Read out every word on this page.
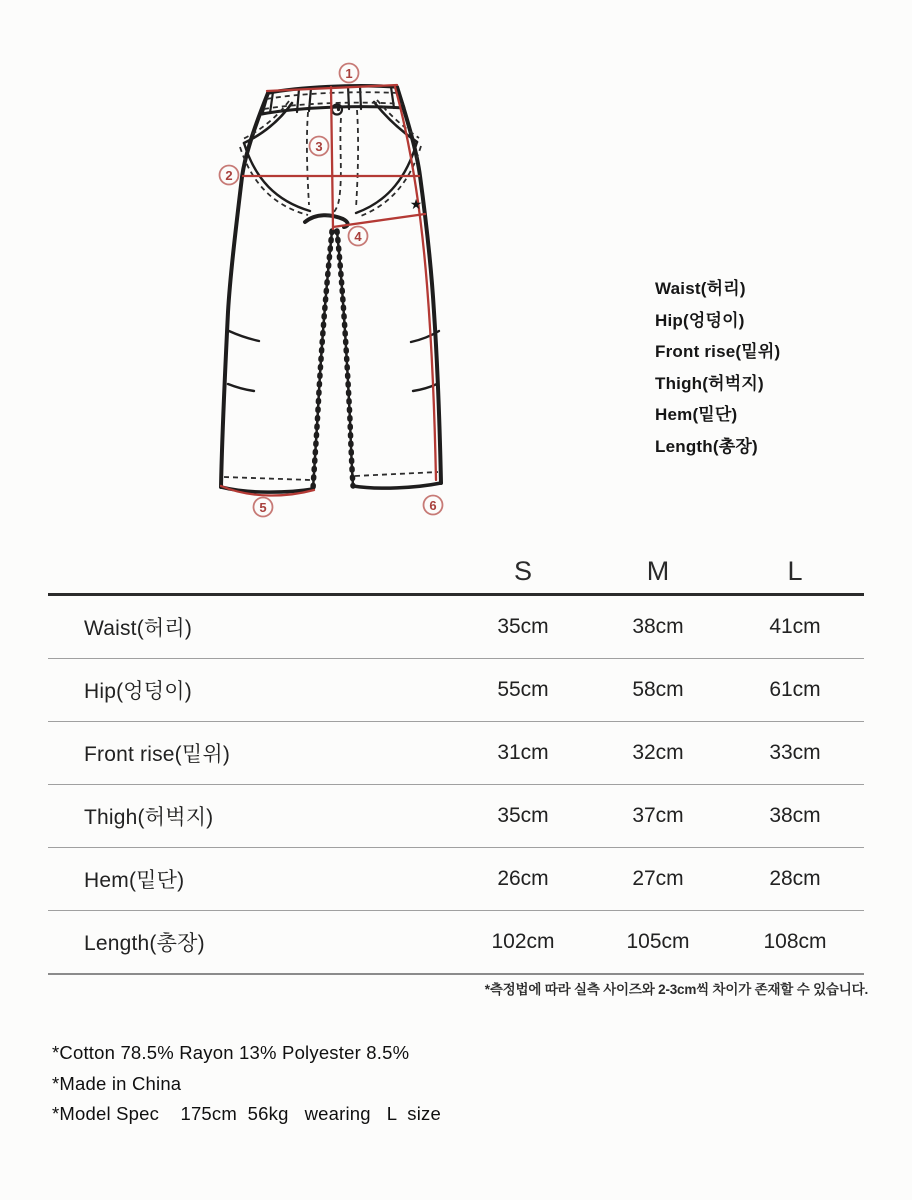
1
2
3
4
5	6
★
Waist(허리)
Hip(엉덩이)
Front rise(밑위)
Thigh(허벅지)
Hem(밑단)
Length(총장)
S	M	L
Waist(허리)	35cm	38cm	41cm
Hip(엉덩이)	55cm	58cm	61cm
Front rise(밑위)	31cm	32cm	33cm
Thigh(허벅지)	35cm	37cm	38cm
Hem(밑단)	26cm	27cm	28cm
Length(총장)	102cm	105cm	108cm
*측정법에 따라 실측 사이즈와 2-3cm씩 차이가 존재할 수 있습니다.
*Cotton 78.5% Rayon 13% Polyester 8.5%
*Made in China
*Model Spec    175cm  56kg   wearing   L  size
